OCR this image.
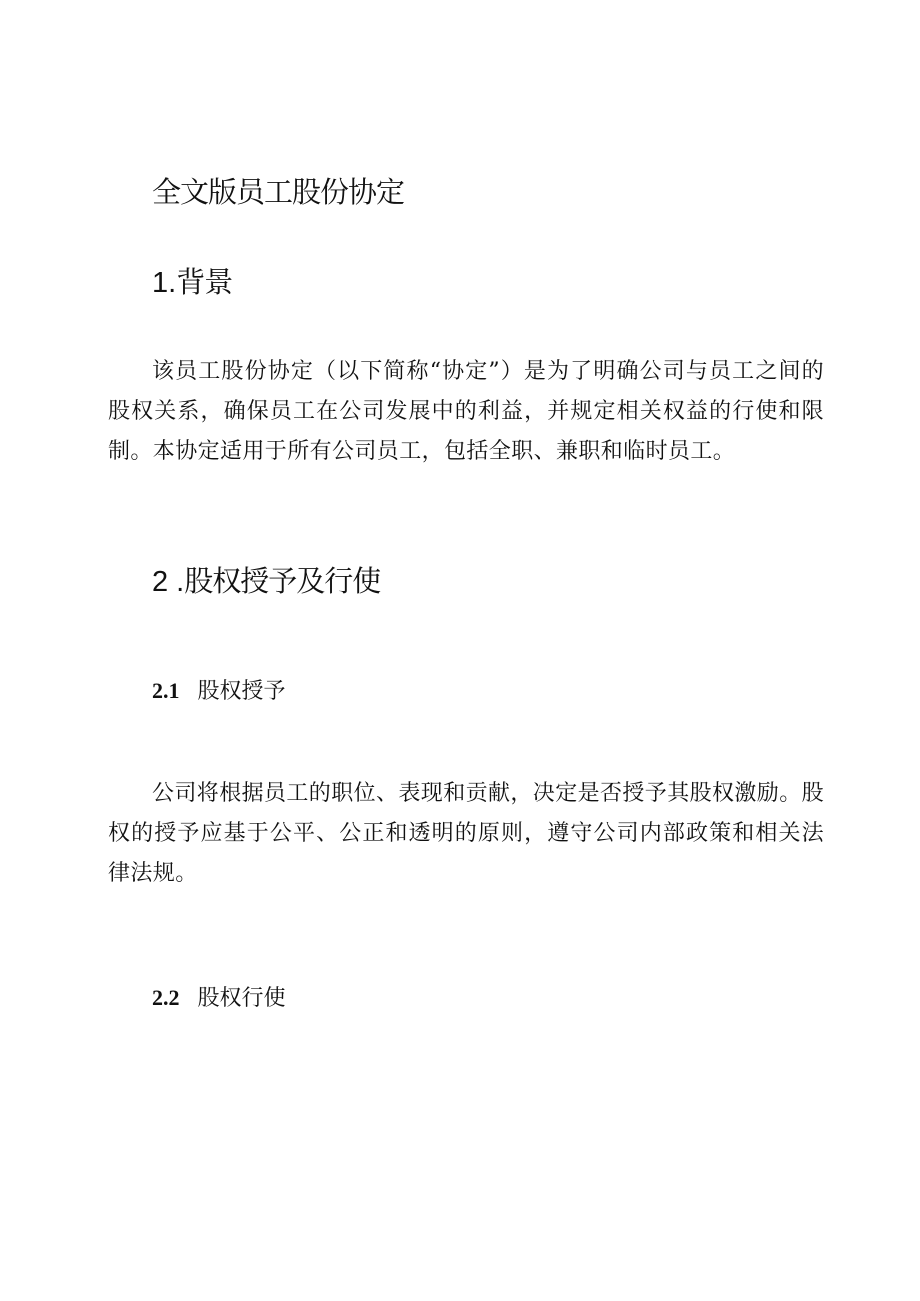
全文版员工股份协定
1.背景

该员工股份协定（以下简称“协定”）是为了明确公司与员工之间的股权关系，确保员工在公司发展中的利益，并规定相关权益的行使和限制。本协定适用于所有公司员工，包括全职、兼职和临时员工。

2 .股权授予及行使
2.1 股权授予

公司将根据员工的职位、表现和贡献，决定是否授予其股权激励。股权的授予应基于公平、公正和透明的原则，遵守公司内部政策和相关法律法规。

2.2 股权行使
